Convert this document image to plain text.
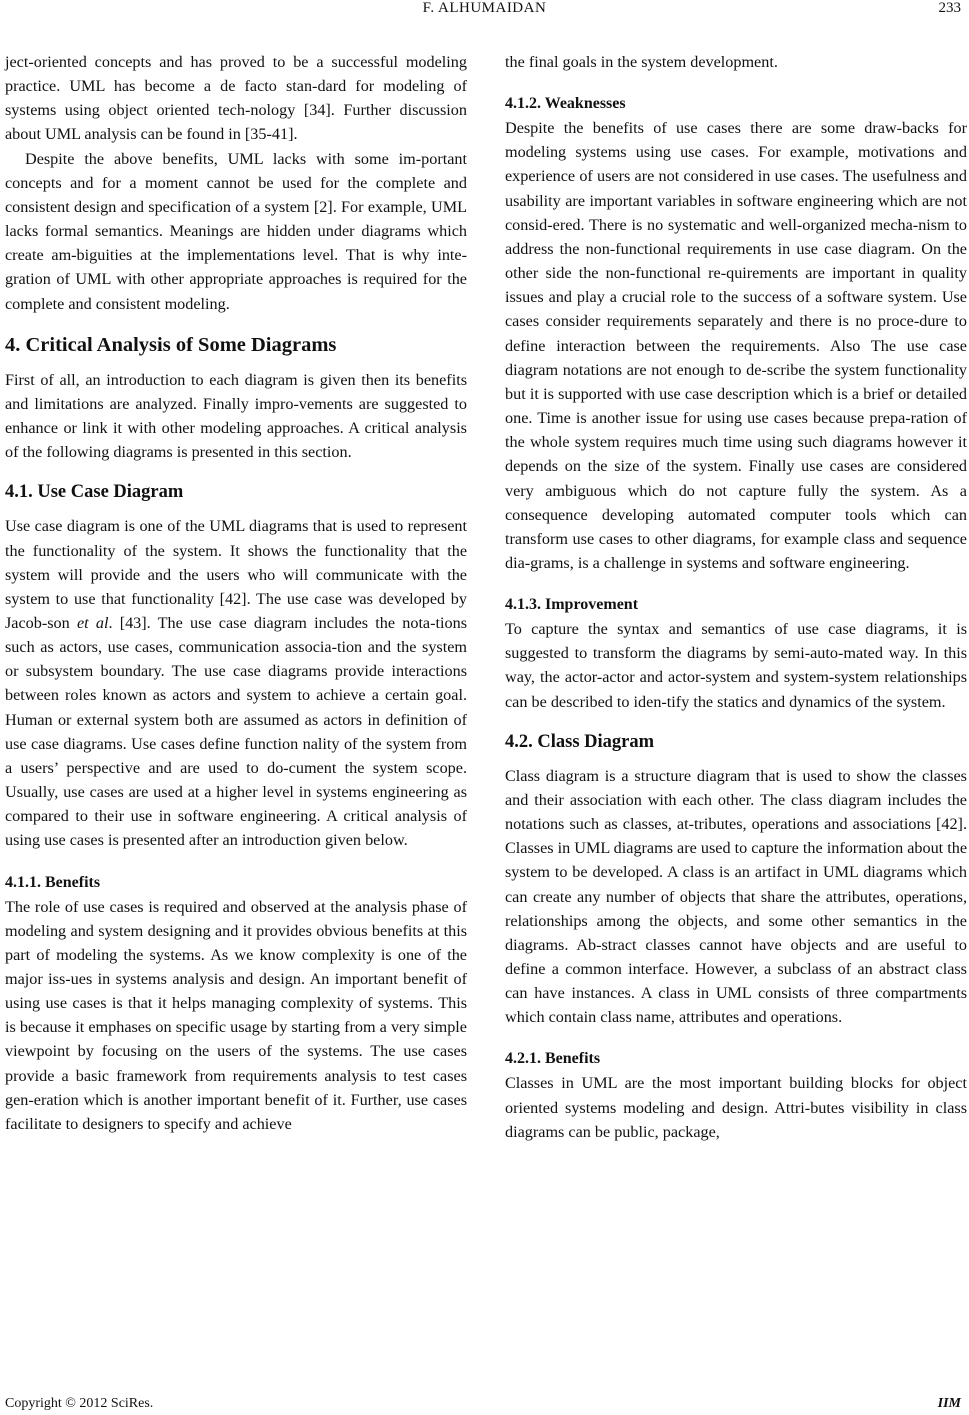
F. ALHUMAIDAN	233

ject-oriented concepts and has proved to be a successful modeling practice. UML has become a de facto stan-dard for modeling of systems using object oriented tech-nology [34]. Further discussion about UML analysis can be found in [35-41].

Despite the above benefits, UML lacks with some im-portant concepts and for a moment cannot be used for the complete and consistent design and specification of a system [2]. For example, UML lacks formal semantics. Meanings are hidden under diagrams which create am-biguities at the implementations level. That is why inte-gration of UML with other appropriate approaches is required for the complete and consistent modeling.

4. Critical Analysis of Some Diagrams

First of all, an introduction to each diagram is given then its benefits and limitations are analyzed. Finally impro-vements are suggested to enhance or link it with other modeling approaches. A critical analysis of the following diagrams is presented in this section.

4.1. Use Case Diagram

Use case diagram is one of the UML diagrams that is used to represent the functionality of the system. It shows the functionality that the system will provide and the users who will communicate with the system to use that functionality [42]. The use case was developed by Jacob-son et al. [43]. The use case diagram includes the nota-tions such as actors, use cases, communication associa-tion and the system or subsystem boundary. The use case diagrams provide interactions between roles known as actors and system to achieve a certain goal. Human or external system both are assumed as actors in definition of use case diagrams. Use cases define function nality of the system from a users’ perspective and are used to do-cument the system scope. Usually, use cases are used at a higher level in systems engineering as compared to their use in software engineering. A critical analysis of using use cases is presented after an introduction given below.

4.1.1. Benefits

The role of use cases is required and observed at the analysis phase of modeling and system designing and it provides obvious benefits at this part of modeling the systems. As we know complexity is one of the major iss-ues in systems analysis and design. An important benefit of using use cases is that it helps managing complexity of systems. This is because it emphases on specific usage by starting from a very simple viewpoint by focusing on the users of the systems. The use cases provide a basic framework from requirements analysis to test cases gen-eration which is another important benefit of it. Further, use cases facilitate to designers to specify and achieve

the final goals in the system development.

4.1.2. Weaknesses

Despite the benefits of use cases there are some draw-backs for modeling systems using use cases. For example, motivations and experience of users are not considered in use cases. The usefulness and usability are important variables in software engineering which are not consid-ered. There is no systematic and well-organized mecha-nism to address the non-functional requirements in use case diagram. On the other side the non-functional re-quirements are important in quality issues and play a crucial role to the success of a software system. Use cases consider requirements separately and there is no proce-dure to define interaction between the requirements. Also The use case diagram notations are not enough to de-scribe the system functionality but it is supported with use case description which is a brief or detailed one. Time is another issue for using use cases because prepa-ration of the whole system requires much time using such diagrams however it depends on the size of the system. Finally use cases are considered very ambiguous which do not capture fully the system. As a consequence developing automated computer tools which can transform use cases to other diagrams, for example class and sequence dia-grams, is a challenge in systems and software engineering.

4.1.3. Improvement

To capture the syntax and semantics of use case diagrams, it is suggested to transform the diagrams by semi-auto-mated way. In this way, the actor-actor and actor-system and system-system relationships can be described to iden-tify the statics and dynamics of the system.

4.2. Class Diagram

Class diagram is a structure diagram that is used to show the classes and their association with each other. The class diagram includes the notations such as classes, at-tributes, operations and associations [42]. Classes in UML diagrams are used to capture the information about the system to be developed. A class is an artifact in UML diagrams which can create any number of objects that share the attributes, operations, relationships among the objects, and some other semantics in the diagrams. Ab-stract classes cannot have objects and are useful to define a common interface. However, a subclass of an abstract class can have instances. A class in UML consists of three compartments which contain class name, attributes and operations.

4.2.1. Benefits

Classes in UML are the most important building blocks for object oriented systems modeling and design. Attri-butes visibility in class diagrams can be public, package,

Copyright © 2012 SciRes.	IIM
